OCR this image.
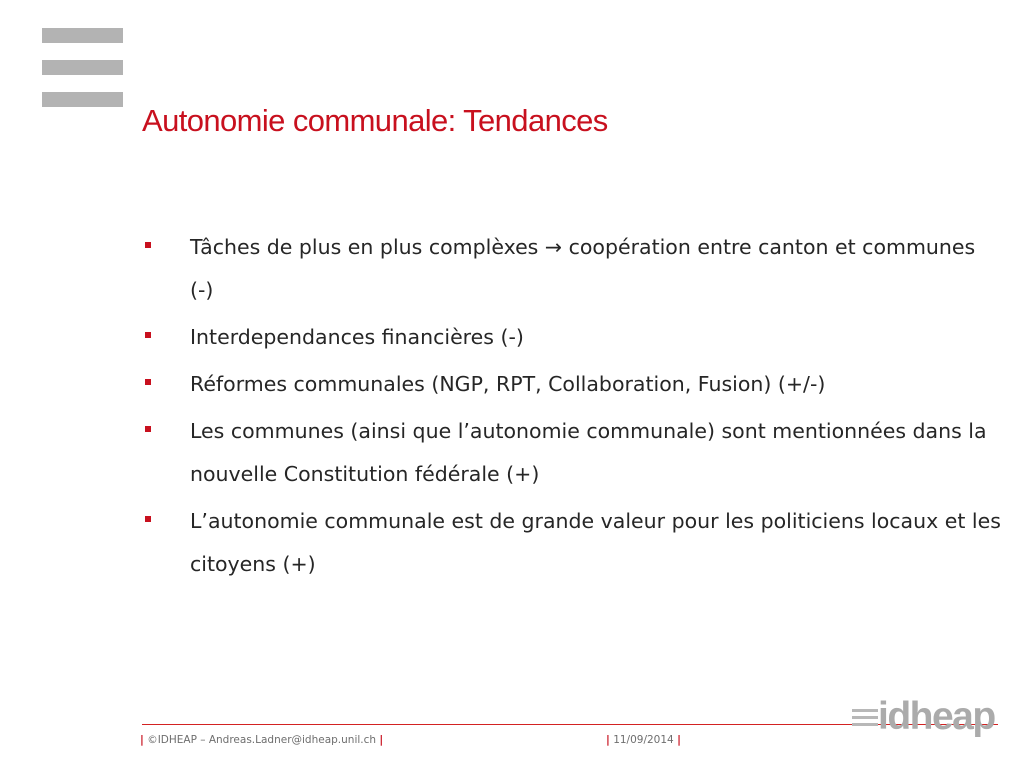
Autonomie communale: Tendances
Tâches de plus en plus complèxes → coopération entre canton et communes (-)
Interdependances financières (-)
Réformes communales (NGP, RPT, Collaboration, Fusion) (+/-)
Les communes (ainsi que l’autonomie communale) sont mentionnées dans la nouvelle Constitution fédérale (+)
L’autonomie communale est de grande valeur pour les politiciens locaux et les citoyens (+)
| ©IDHEAP – Andreas.Ladner@idheap.unil.ch |	| 11/09/2014 |
idheap
